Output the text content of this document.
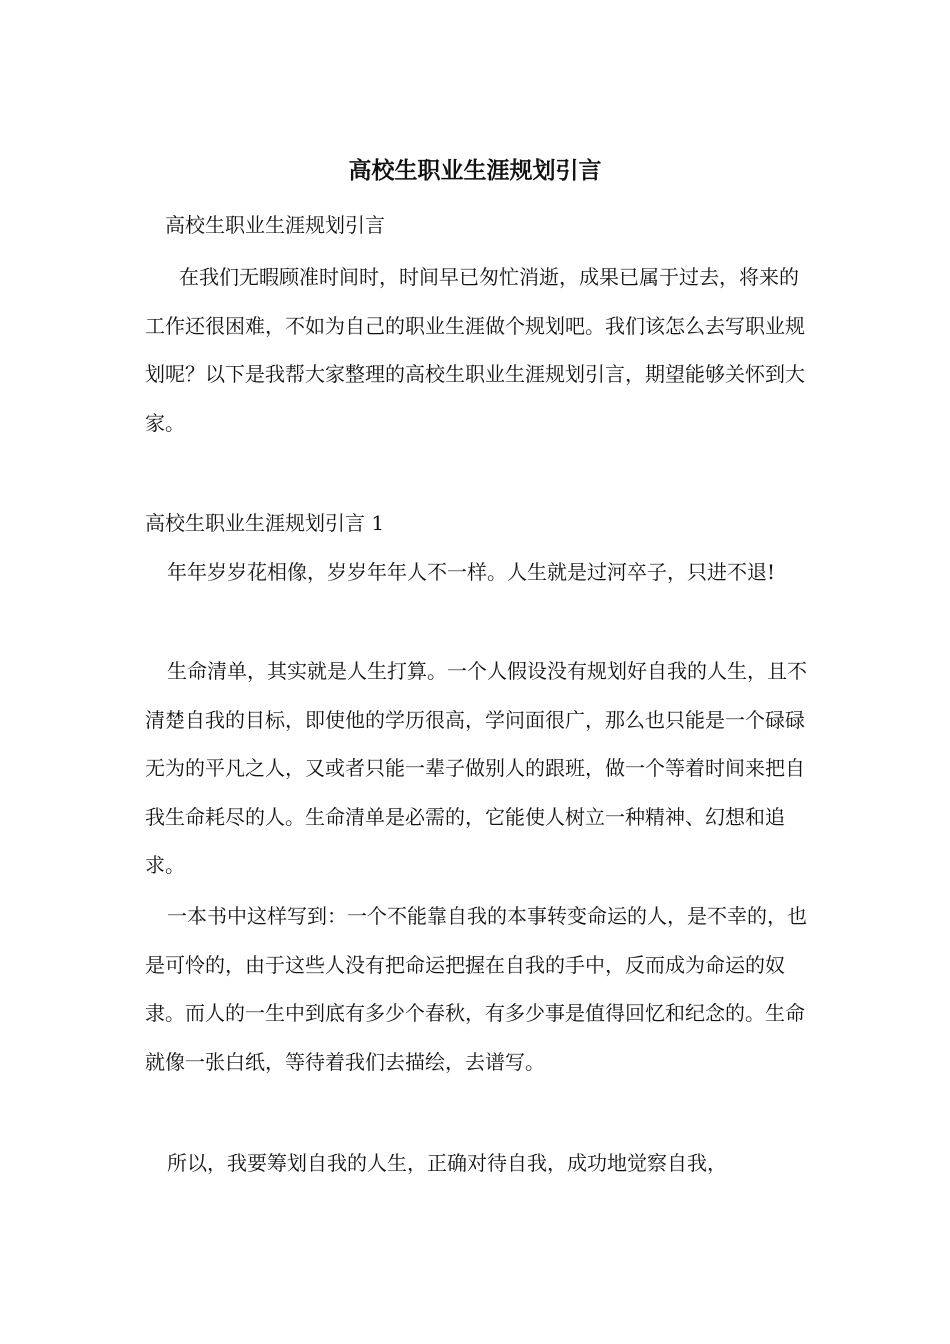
高校生职业生涯规划引言

高校生职业生涯规划引言

在我们无暇顾准时间时，时间早已匆忙消逝，成果已属于过去，将来的工作还很困难，不如为自己的职业生涯做个规划吧。我们该怎么去写职业规划呢？以下是我帮大家整理的高校生职业生涯规划引言，期望能够关怀到大家。

高校生职业生涯规划引言 1

年年岁岁花相像，岁岁年年人不一样。人生就是过河卒子，只进不退!

生命清单，其实就是人生打算。一个人假设没有规划好自我的人生，且不清楚自我的目标，即使他的学历很高，学问面很广，那么也只能是一个碌碌无为的平凡之人，又或者只能一辈子做别人的跟班，做一个等着时间来把自我生命耗尽的人。生命清单是必需的，它能使人树立一种精神、幻想和追求。

一本书中这样写到：一个不能靠自我的本事转变命运的人，是不幸的，也是可怜的，由于这些人没有把命运把握在自我的手中，反而成为命运的奴隶。而人的一生中到底有多少个春秋，有多少事是值得回忆和纪念的。生命就像一张白纸，等待着我们去描绘，去谱写。

所以，我要筹划自我的人生，正确对待自我，成功地觉察自我，
